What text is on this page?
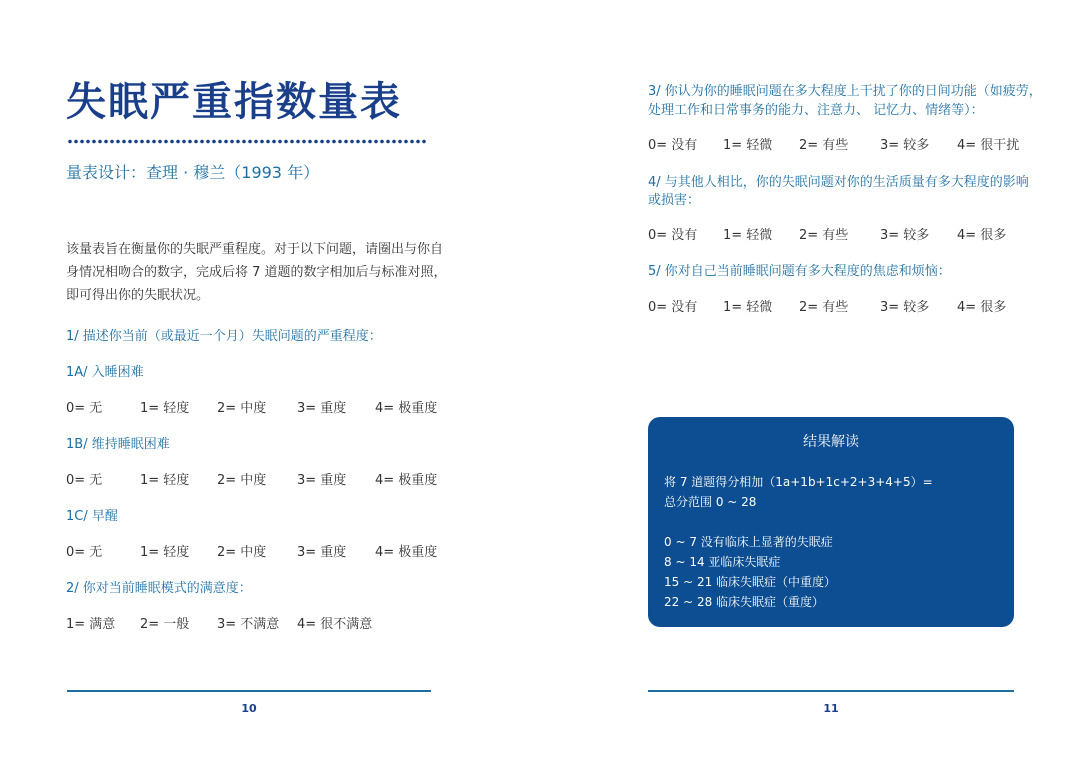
失眠严重指数量表
量表设计：查理 · 穆兰（1993 年）
该量表旨在衡量你的失眠严重程度。对于以下问题，请圈出与你自
身情况相吻合的数字，完成后将 7 道题的数字相加后与标准对照，
即可得出你的失眠状况。
1/ 描述你当前（或最近一个月）失眠问题的严重程度：
1A/ 入睡困难
0= 无	1= 轻度 2= 中度 3= 重度 4= 极重度
1B/ 维持睡眠困难
0= 无	1= 轻度 2= 中度 3= 重度 4= 极重度
1C/ 早醒
0= 无	1= 轻度 2= 中度 3= 重度 4= 极重度
2/ 你对当前睡眠模式的满意度：
1= 满意 2= 一般 3= 不满意 4= 很不满意
10
3/ 你认为你的睡眠问题在多大程度上干扰了你的日间功能（如疲劳，
处理工作和日常事务的能力、注意力、 记忆力、情绪等）：
0= 没有 1= 轻微 2= 有些 3= 较多 4= 很干扰
4/ 与其他人相比，你的失眠问题对你的生活质量有多大程度的影响
或损害：
0= 没有 1= 轻微 2= 有些 3= 较多 4= 很多
5/ 你对自己当前睡眠问题有多大程度的焦虑和烦恼：
0= 没有 1= 轻微 2= 有些 3= 较多 4= 很多
结果解读
将 7 道题得分相加（1a+1b+1c+2+3+4+5）=
总分范围 0 ~ 28
0 ~ 7 没有临床上显著的失眠症
8 ~ 14 亚临床失眠症
15 ~ 21 临床失眠症（中重度）
22 ~ 28 临床失眠症（重度）
11
